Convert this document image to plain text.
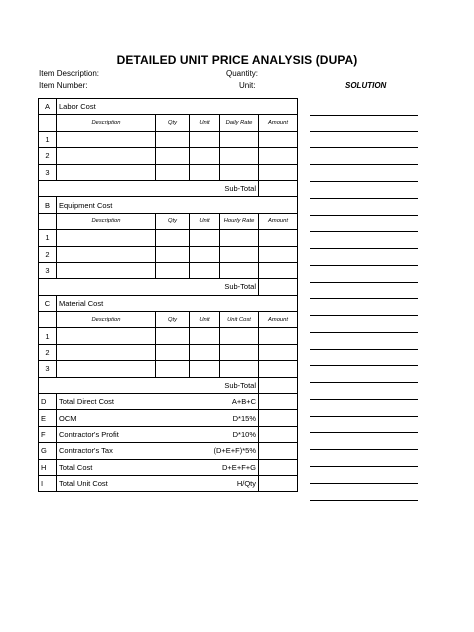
DETAILED UNIT PRICE ANALYSIS (DUPA)
Item Description:
Item Number:
Quantity:
Unit:	SOLUTION
A	Labor Cost				
	Description	Qty	Unit	Daily Rate	Amount
1					
2					
3					
Sub-Total					
B	Equipment Cost				
	Description	Qty	Unit	Hourly Rate	Amount
1					
2					
3					
Sub-Total					
C	Material Cost				
	Description	Qty	Unit	Unit Cost	Amount
1					
2					
3					
Sub-Total					
D	Total Direct Cost A+B+C				

E	OCM D*15%				

F	Contractor's Profit D*10%				

G	Contractor's Tax (D+E+F)*5%				

H	Total Cost D+E+F+G				

I	Total Unit Cost H/Qty				
